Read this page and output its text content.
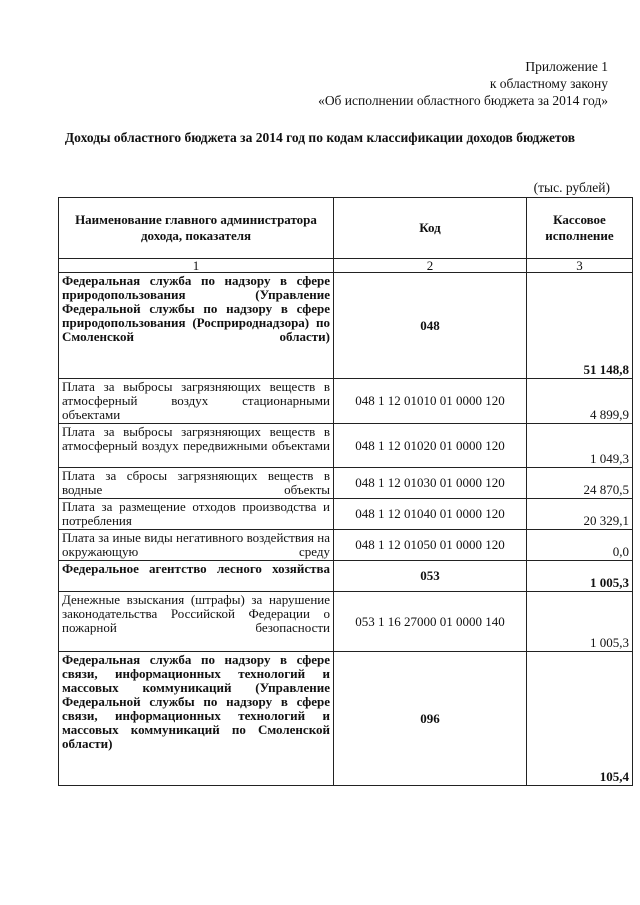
Приложение 1
к областному закону
«Об исполнении областного бюджета за 2014 год»
Доходы областного бюджета за 2014 год по кодам классификации доходов бюджетов
(тыс. рублей)
Наименование главного администратора дохода, показателя	Код	Кассовое исполнение
1	2	3
Федеральная служба по надзору в сфере природопользования (Управление Федеральной службы по надзору в сфере природопользования (Росприроднадзора) по Смоленской области)	048	51 148,8
Плата за выбросы загрязняющих веществ в атмосферный воздух стационарными объектами	048 1 12 01010 01 0000 120	4 899,9
Плата за выбросы загрязняющих веществ в атмосферный воздух передвижными объектами	048 1 12 01020 01 0000 120	1 049,3
Плата за сбросы загрязняющих веществ в водные объекты	048 1 12 01030 01 0000 120	24 870,5
Плата за размещение отходов производства и потребления	048 1 12 01040 01 0000 120	20 329,1
Плата за иные виды негативного воздействия на окружающую среду	048 1 12 01050 01 0000 120	0,0
Федеральное агентство лесного хозяйства	053	1 005,3
Денежные взыскания (штрафы) за нарушение законодательства Российской Федерации о пожарной безопасности	053 1 16 27000 01 0000 140	1 005,3
Федеральная служба по надзору в сфере связи, информационных технологий и массовых коммуникаций (Управление Федеральной службы по надзору в сфере связи, информационных технологий и массовых коммуникаций по Смоленской области)	096	105,4
